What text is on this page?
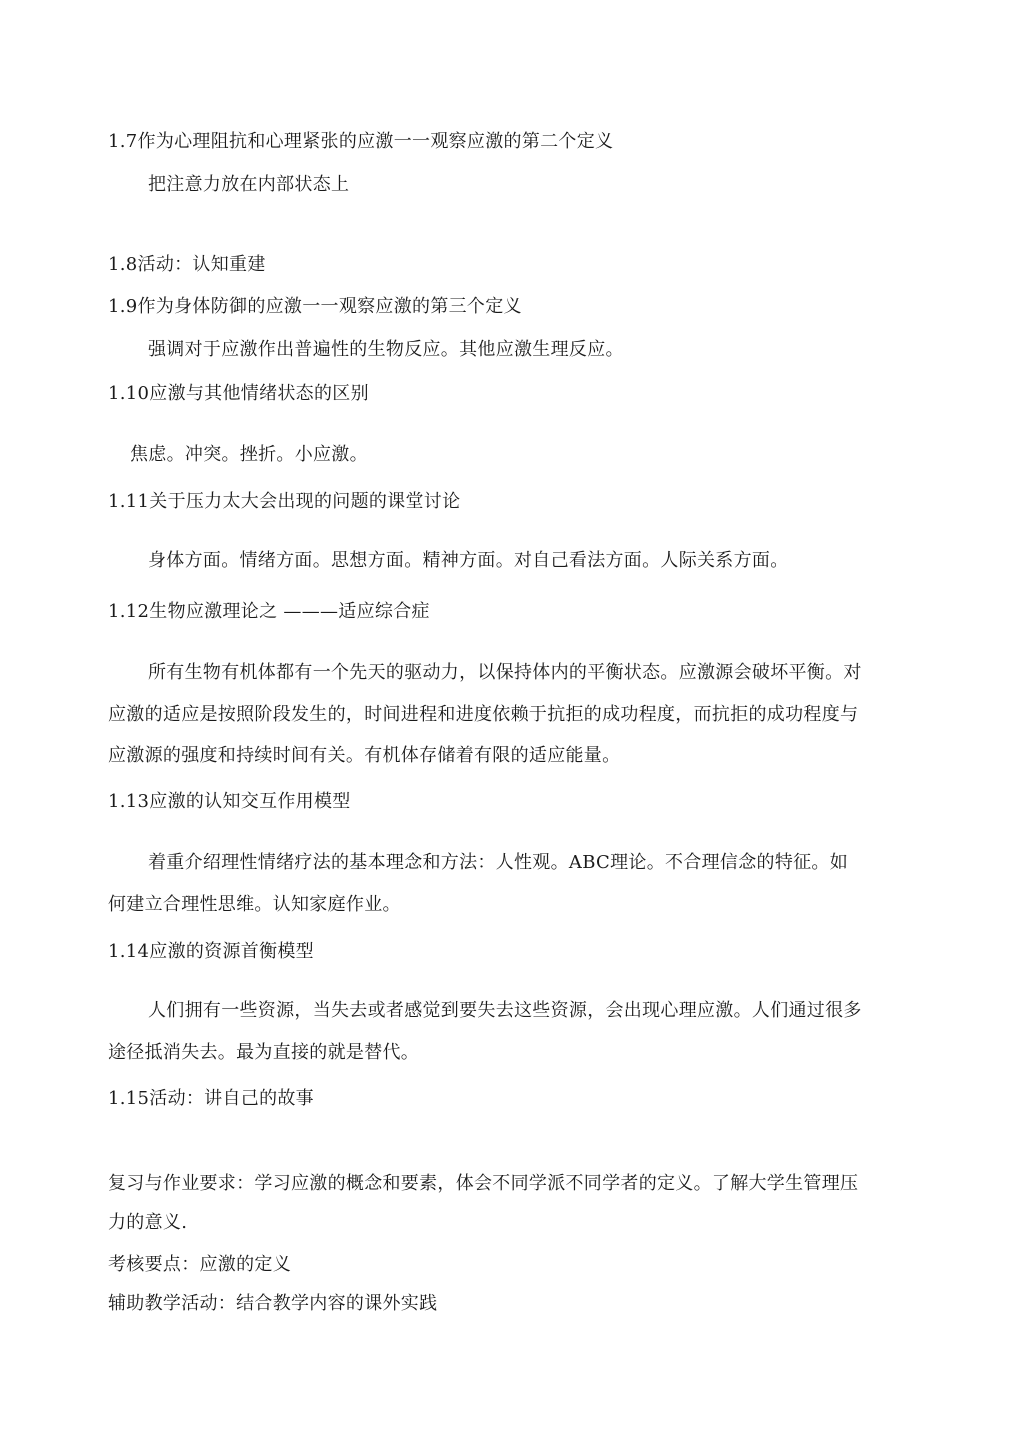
1.7作为心理阻抗和心理紧张的应激一一观察应激的第二个定义
把注意力放在内部状态上
1.8活动：认知重建
1.9作为身体防御的应激一一观察应激的第三个定义
强调对于应激作出普遍性的生物反应。其他应激生理反应。
1.10应激与其他情绪状态的区别
焦虑。冲突。挫折。小应激。
1.11关于压力太大会出现的问题的课堂讨论
身体方面。情绪方面。思想方面。精神方面。对自己看法方面。人际关系方面。
1.12生物应激理论之 ———适应综合症
所有生物有机体都有一个先天的驱动力，以保持体内的平衡状态。应激源会破坏平衡。对
应激的适应是按照阶段发生的，时间进程和进度依赖于抗拒的成功程度，而抗拒的成功程度与
应激源的强度和持续时间有关。有机体存储着有限的适应能量。
1.13应激的认知交互作用模型
着重介绍理性情绪疗法的基本理念和方法：人性观。ABC理论。不合理信念的特征。如
何建立合理性思维。认知家庭作业。
1.14应激的资源首衡模型
人们拥有一些资源，当失去或者感觉到要失去这些资源，会出现心理应激。人们通过很多
途径抵消失去。最为直接的就是替代。
1.15活动：讲自己的故事
复习与作业要求：学习应激的概念和要素，体会不同学派不同学者的定义。了解大学生管理压
力的意义.
考核要点：应激的定义
辅助教学活动：结合教学内容的课外实践
